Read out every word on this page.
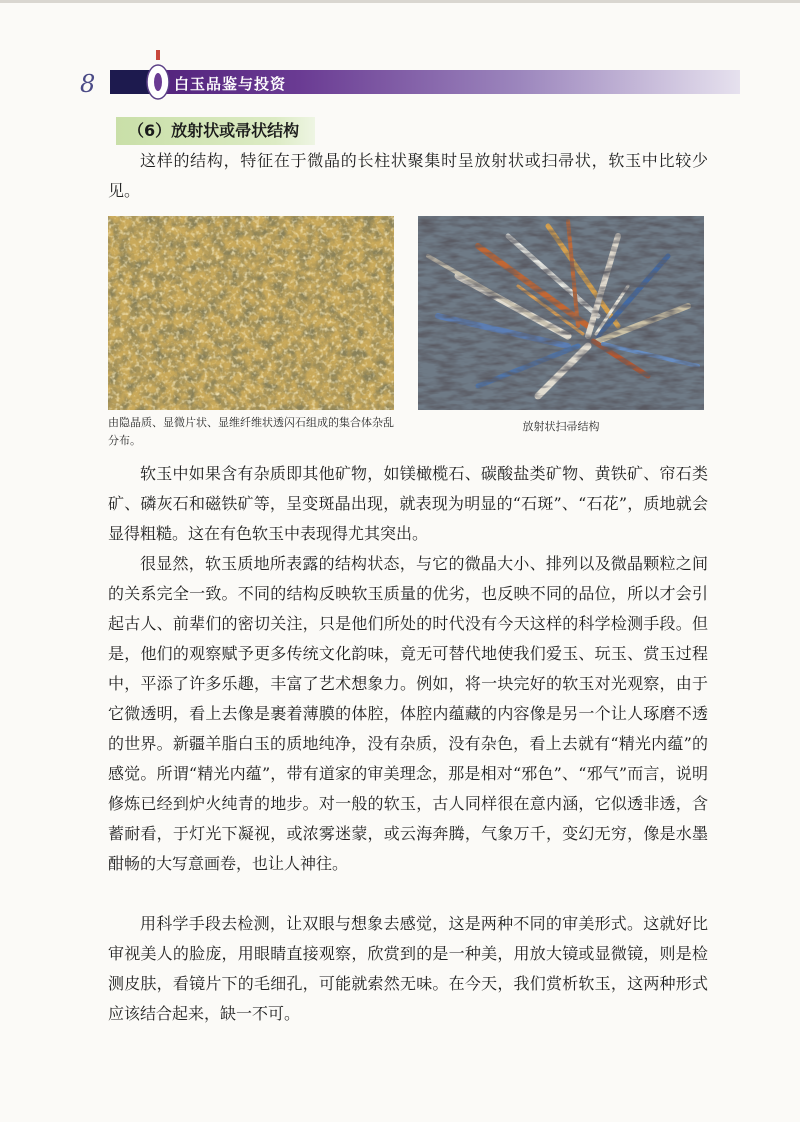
8	白玉品鉴与投资
（6）放射状或帚状结构

这样的结构，特征在于微晶的长柱状聚集时呈放射状或扫帚状，软玉中比较少见。

由隐晶质、显微片状、显维纤维状透闪石组成的集合体杂乱分布。

放射状扫帚结构

软玉中如果含有杂质即其他矿物，如镁橄榄石、碳酸盐类矿物、黄铁矿、帘石类矿、磷灰石和磁铁矿等，呈变斑晶出现，就表现为明显的“石斑”、“石花”，质地就会显得粗糙。这在有色软玉中表现得尤其突出。

很显然，软玉质地所表露的结构状态，与它的微晶大小、排列以及微晶颗粒之间的关系完全一致。不同的结构反映软玉质量的优劣，也反映不同的品位，所以才会引起古人、前辈们的密切关注，只是他们所处的时代没有今天这样的科学检测手段。但是，他们的观察赋予更多传统文化韵味，竟无可替代地使我们爱玉、玩玉、赏玉过程中，平添了许多乐趣，丰富了艺术想象力。例如，将一块完好的软玉对光观察，由于它微透明，看上去像是裹着薄膜的体腔，体腔内蕴藏的内容像是另一个让人琢磨不透的世界。新疆羊脂白玉的质地纯净，没有杂质，没有杂色，看上去就有“精光内蕴”的感觉。所谓“精光内蕴”，带有道家的审美理念，那是相对“邪色”、“邪气”而言，说明修炼已经到炉火纯青的地步。对一般的软玉，古人同样很在意内涵，它似透非透，含蓄耐看，于灯光下凝视，或浓雾迷蒙，或云海奔腾，气象万千，变幻无穷，像是水墨酣畅的大写意画卷，也让人神往。

用科学手段去检测，让双眼与想象去感觉，这是两种不同的审美形式。这就好比审视美人的脸庞，用眼睛直接观察，欣赏到的是一种美，用放大镜或显微镜，则是检测皮肤，看镜片下的毛细孔，可能就索然无味。在今天，我们赏析软玉，这两种形式应该结合起来，缺一不可。
